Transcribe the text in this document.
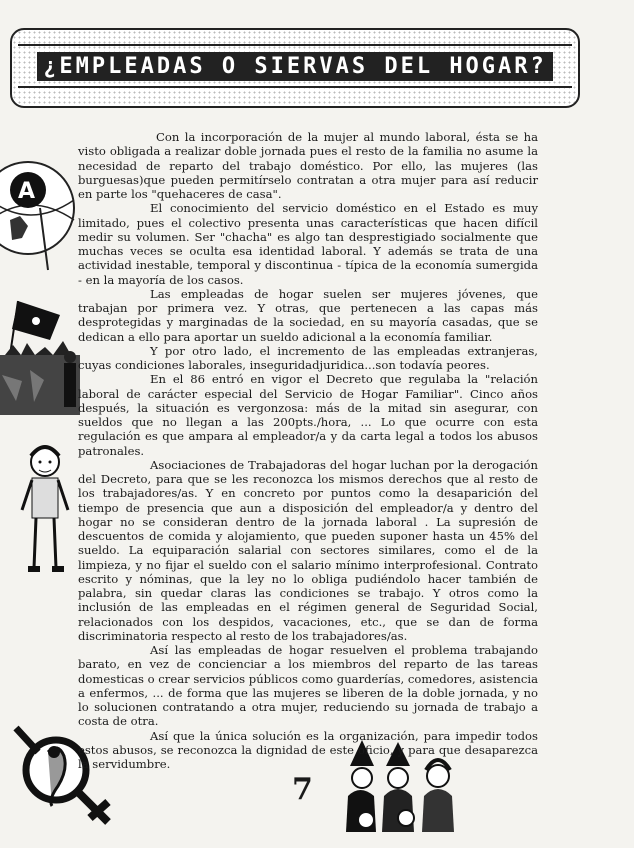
¿EMPLEADAS O SIERVAS DEL HOGAR?
A

Con la incorporación de la mujer al mundo laboral, ésta se ha visto obligada a realizar doble jornada pues el resto de la familia no asume la necesidad de reparto del trabajo doméstico. Por ello, las mujeres (las burguesas)que pueden permitírselo contratan a otra mujer para así reducir en parte los "quehaceres de casa".

El conocimiento del servicio doméstico en el Estado es muy limitado, pues el colectivo presenta unas características que hacen difícil medir su volumen. Ser "chacha" es algo tan desprestigiado socialmente que muchas veces se oculta esa identidad laboral. Y además se trata de una actividad inestable, temporal y discontinua - típica de la economía sumergida - en la mayoría de los casos.

Las empleadas de hogar suelen ser mujeres jóvenes, que trabajan por primera vez. Y otras, que pertenecen a las capas más desprotegidas y marginadas de la sociedad, en su mayoría casadas, que se dedican a ello para aportar un sueldo adicional a la economía familiar.

Y por otro lado, el incremento de las empleadas extranjeras, cuyas condiciones laborales, inseguridadjuridica...son todavía peores.

En el 86 entró en vigor el Decreto que regulaba la "relación laboral de carácter especial del Servicio de Hogar Familiar". Cinco años después, la situación es vergonzosa: más de la mitad sin asegurar, con sueldos que no llegan a las 200pts./hora, ... Lo que ocurre con esta regulación es que ampara al empleador/a y da carta legal a todos los abusos patronales.

Asociaciones de Trabajadoras del hogar luchan por la derogación del Decreto, para que se les reconozca los mismos derechos que al resto de los trabajadores/as. Y en concreto por puntos como la desaparición del tiempo de presencia que aun a disposición del empleador/a y dentro del hogar no se consideran dentro de la jornada laboral . La supresión de descuentos de comida y alojamiento, que pueden suponer hasta un 45% del sueldo. La equiparación salarial con sectores similares, como el de la limpieza, y no fijar el sueldo con el salario mínimo interprofesional. Contrato escrito y nóminas, que la ley no lo obliga pudiéndolo hacer también de palabra, sin quedar claras las condiciones se trabajo. Y otros como la inclusión de las empleadas en el régimen general de Seguridad Social, relacionados con los despidos, vacaciones, etc., que se dan de forma discriminatoria respecto al resto de los trabajadores/as.

Así las empleadas de hogar resuelven el problema trabajando barato, en vez de concienciar a los miembros del reparto de las tareas domesticas o crear servicios públicos como guarderías, comedores, asistencia a enfermos, ... de forma que las mujeres se liberen de la doble jornada, y no lo solucionen contratando a otra mujer, reduciendo su jornada de trabajo a costa de otra.

Así que la única solución es la organización, para impedir todos estos abusos, se reconozca la dignidad de este oficio, y para que desaparezca la servidumbre.

7
